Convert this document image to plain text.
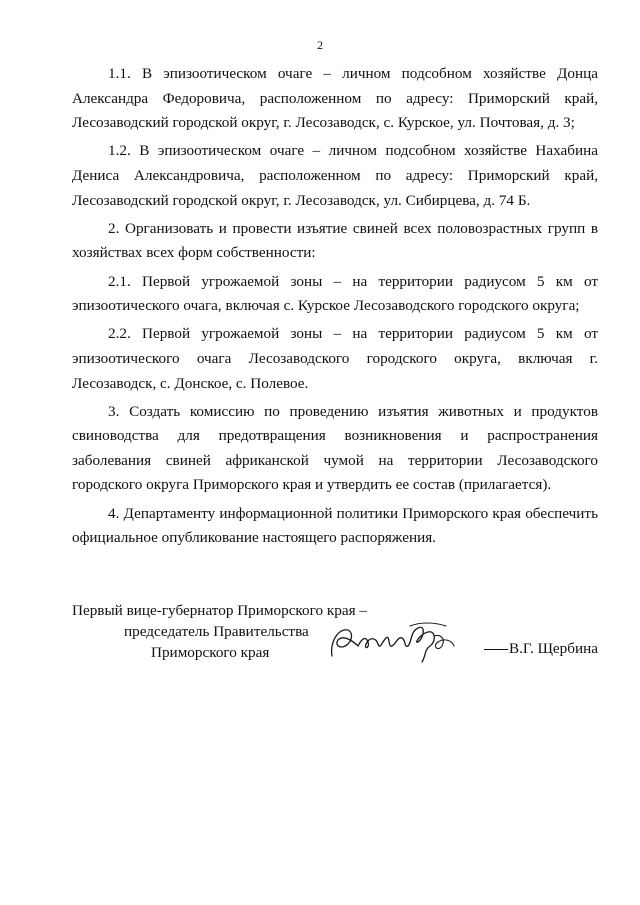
2

1.1. В эпизоотическом очаге – личном подсобном хозяйстве Донца Александра Федоровича, расположенном по адресу: Приморский край, Лесозаводский городской округ, г. Лесозаводск, с. Курское, ул. Почтовая, д. 3;

1.2. В эпизоотическом очаге – личном подсобном хозяйстве Нахабина Дениса Александровича, расположенном по адресу: Приморский край, Лесозаводский городской округ, г. Лесозаводск, ул. Сибирцева, д. 74 Б.

2. Организовать и провести изъятие свиней всех половозрастных групп в хозяйствах всех форм собственности:

2.1. Первой угрожаемой зоны – на территории радиусом 5 км от эпизоотического очага, включая с. Курское Лесозаводского городского округа;

2.2. Первой угрожаемой зоны – на территории радиусом 5 км от эпизоотического очага Лесозаводского городского округа, включая г. Лесозаводск, с. Донское, с. Полевое.

3. Создать комиссию по проведению изъятия животных и продуктов свиноводства для предотвращения возникновения и распространения заболевания свиней африканской чумой на территории Лесозаводского городского округа Приморского края и утвердить ее состав (прилагается).

4. Департаменту информационной политики Приморского края обеспечить официальное опубликование настоящего распоряжения.

Первый вице-губернатор Приморского края –
председатель Правительства
Приморского края	В.Г. Щербина
